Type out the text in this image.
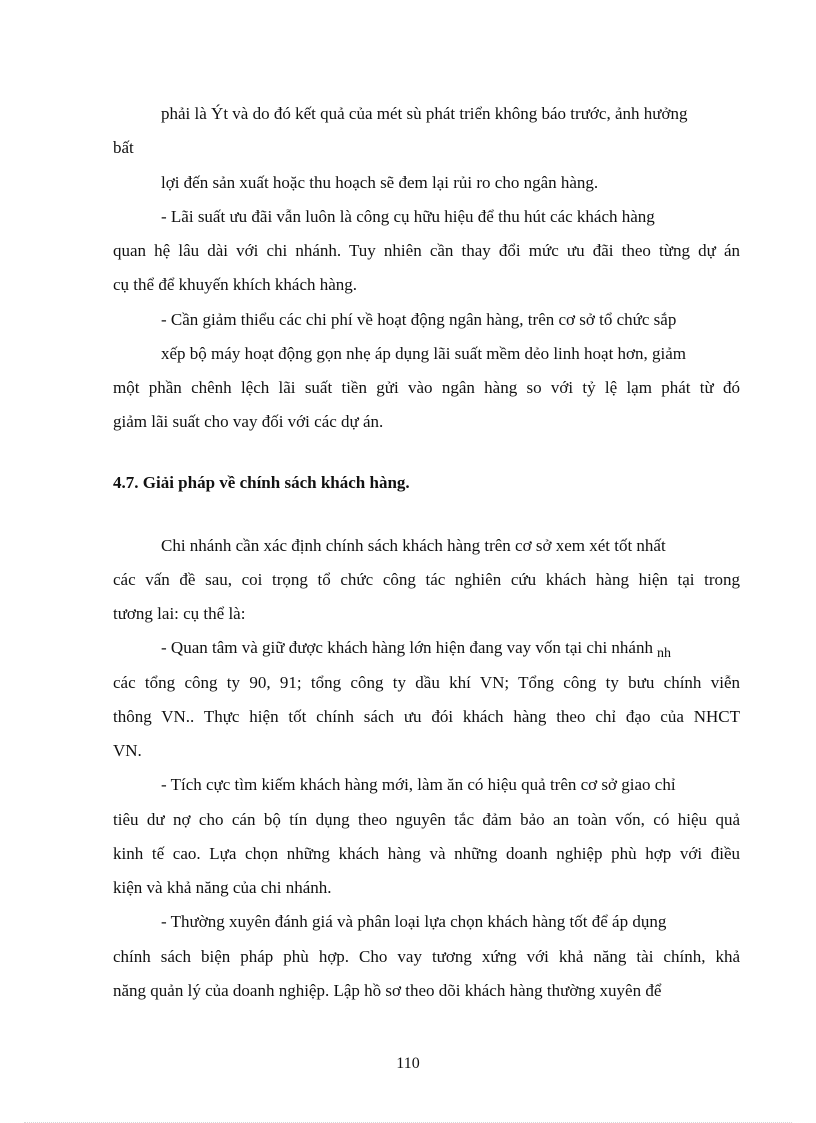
phải là Ýt và do đó kết quả của mét sù phát triển không báo trước, ảnh hưởng
bất
lợi đến sản xuất hoặc thu hoạch sẽ đem lại rủi ro cho ngân hàng.
- Lãi suất ưu đãi vẫn luôn là công cụ hữu hiệu để thu hút các khách hàng
quan hệ lâu dài với chi nhánh. Tuy nhiên cần thay đổi mức ưu đãi theo từng dự án
cụ thể để khuyến khích khách hàng.
- Cần giảm thiểu các chi phí về hoạt động ngân hàng, trên cơ sở tổ chức sắp
xếp bộ máy hoạt động gọn nhẹ áp dụng lãi suất mềm dẻo linh hoạt hơn, giảm
một phần chênh lệch lãi suất tiền gửi vào ngân hàng so với tỷ lệ lạm phát từ đó
giảm lãi suất cho vay đối với các dự án.
4.7. Giải pháp về chính sách khách hàng.
Chi nhánh cần xác định chính sách khách hàng trên cơ sở xem xét tốt nhất
các vấn đề sau, coi trọng tổ chức công tác nghiên cứu khách hàng hiện tại trong
tương lai: cụ thể là:
- Quan tâm và giữ được khách hàng lớn hiện đang vay vốn tại chi nhánh $_{nh}$
các tổng công ty 90, 91; tổng công ty dầu khí VN; Tổng công ty bưu chính viễn
thông VN.. Thực hiện tốt chính sách ưu đói khách hàng theo chỉ đạo của NHCT
VN.
- Tích cực tìm kiếm khách hàng mới, làm ăn có hiệu quả trên cơ sở giao chỉ
tiêu dư nợ cho cán bộ tín dụng theo nguyên tắc đảm bảo an toàn vốn, có hiệu quả
kinh tế cao. Lựa chọn những khách hàng và những doanh nghiệp phù hợp với điều
kiện và khả năng của chi nhánh.
- Thường xuyên đánh giá và phân loại lựa chọn khách hàng tốt để áp dụng
chính sách biện pháp phù hợp. Cho vay tương xứng với khả năng tài chính, khả
năng quản lý của doanh nghiệp. Lập hồ sơ theo dõi khách hàng thường xuyên để
110
